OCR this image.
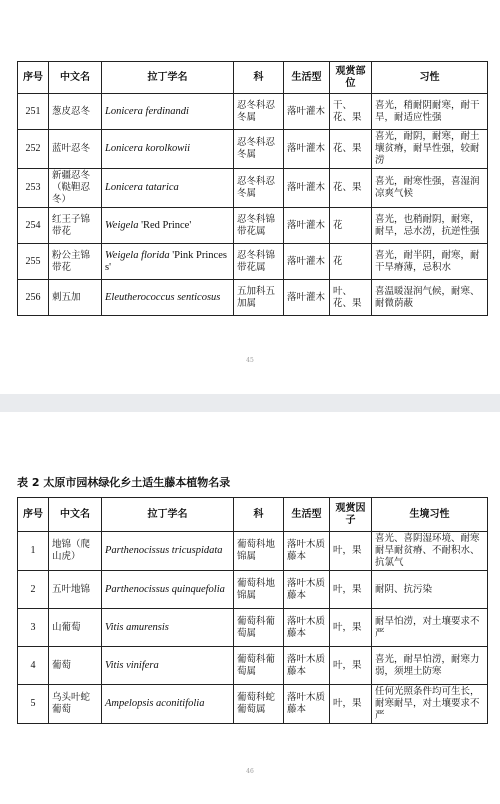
45
序号	中文名	拉丁学名	科	生活型	观赏部位	习性
251	葱皮忍冬	Lonicera ferdinandi	忍冬科忍冬属	落叶灌木	干、花、果	喜光，稍耐阴耐寒，耐干旱，耐适应性强
252	蓝叶忍冬	Lonicera korolkowii	忍冬科忍冬属	落叶灌木	花、果	喜光，耐阴，耐寒，耐土壤贫瘠，耐旱性强，较耐涝
253	新疆忍冬（鞑靼忍冬）	Lonicera tatarica	忍冬科忍冬属	落叶灌木	花、果	喜光，耐寒性强，喜湿润凉爽气候
254	红王子锦带花	Weigela 'Red Prince'	忍冬科锦带花属	落叶灌木	花	喜光，也稍耐阴，耐寒，耐旱，忌水涝，抗逆性强
255	粉公主锦带花	Weigela florida 'Pink Princess'	忍冬科锦带花属	落叶灌木	花	喜光，耐半阴，耐寒，耐干旱瘠薄，忌积水
256	刺五加	Eleutherococcus senticosus	五加科五加属	落叶灌木	叶、花、果	喜温暖湿润气候，耐寒、耐微荫蔽
46
表 2 太原市园林绿化乡土适生藤本植物名录
序号	中文名	拉丁学名	科	生活型	观赏因子	生境习性
1	地锦（爬山虎）	Parthenocissus tricuspidata	葡萄科地锦属	落叶木质藤本	叶，果	喜光、喜阴湿环境、耐寒耐旱耐贫瘠、不耐积水、抗氯气
2	五叶地锦	Parthenocissus quinquefolia	葡萄科地锦属	落叶木质藤本	叶，果	耐阴、抗污染
3	山葡萄	Vitis amurensis	葡萄科葡萄属	落叶木质藤本	叶，果	耐旱怕涝，对土壤要求不严
4	葡萄	Vitis vinifera	葡萄科葡萄属	落叶木质藤本	叶，果	喜光，耐旱怕涝，耐寒力弱，须埋土防寒
5	乌头叶蛇葡萄	Ampelopsis aconitifolia	葡萄科蛇葡萄属	落叶木质藤本	叶，果	任何光照条件均可生长，耐寒耐旱，对土壤要求不严
